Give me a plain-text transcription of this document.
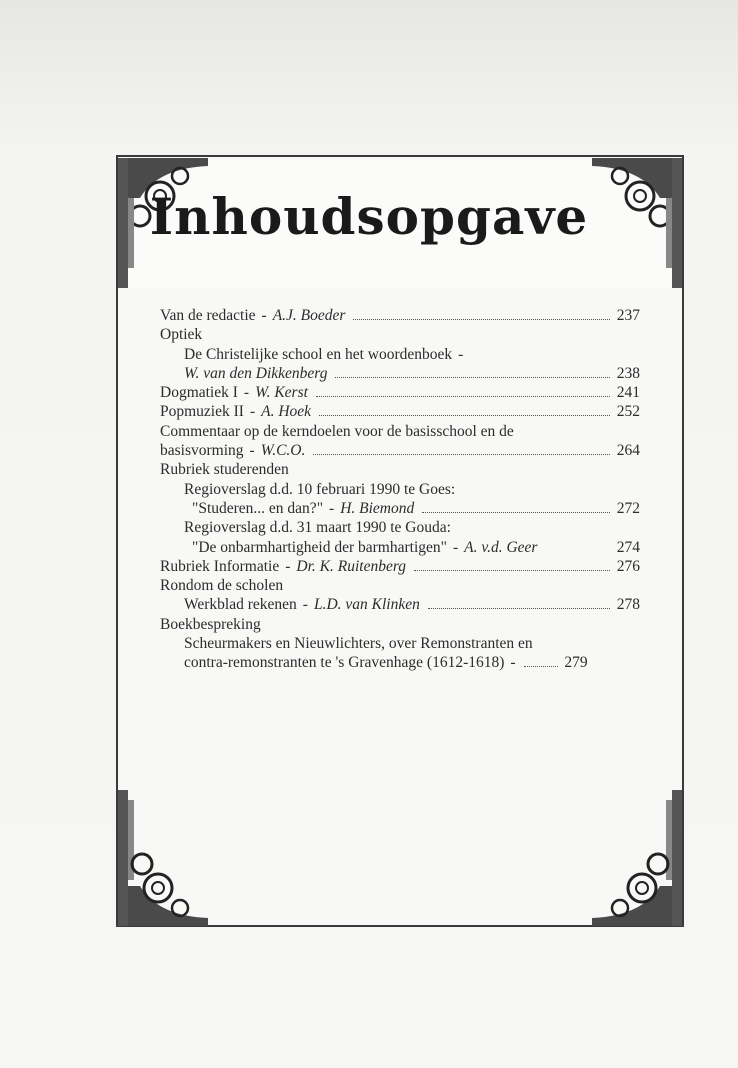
Inhoudsopgave
Van de redactie - A.J. Boeder	237
Optiek
De Christelijke school en het woordenboek -
W. van den Dikkenberg	238
Dogmatiek I - W. Kerst	241
Popmuziek II - A. Hoek	252
Commentaar op de kerndoelen voor de basisschool en de
basisvorming - W.C.O.	264
Rubriek studerenden
Regioverslag d.d. 10 februari 1990 te Goes:
"Studeren... en dan?" - H. Biemond	272
Regioverslag d.d. 31 maart 1990 te Gouda:
"De onbarmhartigheid der barmhartigen" - A. v.d. Geer	274
Rubriek Informatie - Dr. K. Ruitenberg	276
Rondom de scholen
Werkblad rekenen - L.D. van Klinken	278
Boekbespreking
Scheurmakers en Nieuwlichters, over Remonstranten en
contra-remonstranten te 's Gravenhage (1612-1618) -	279
